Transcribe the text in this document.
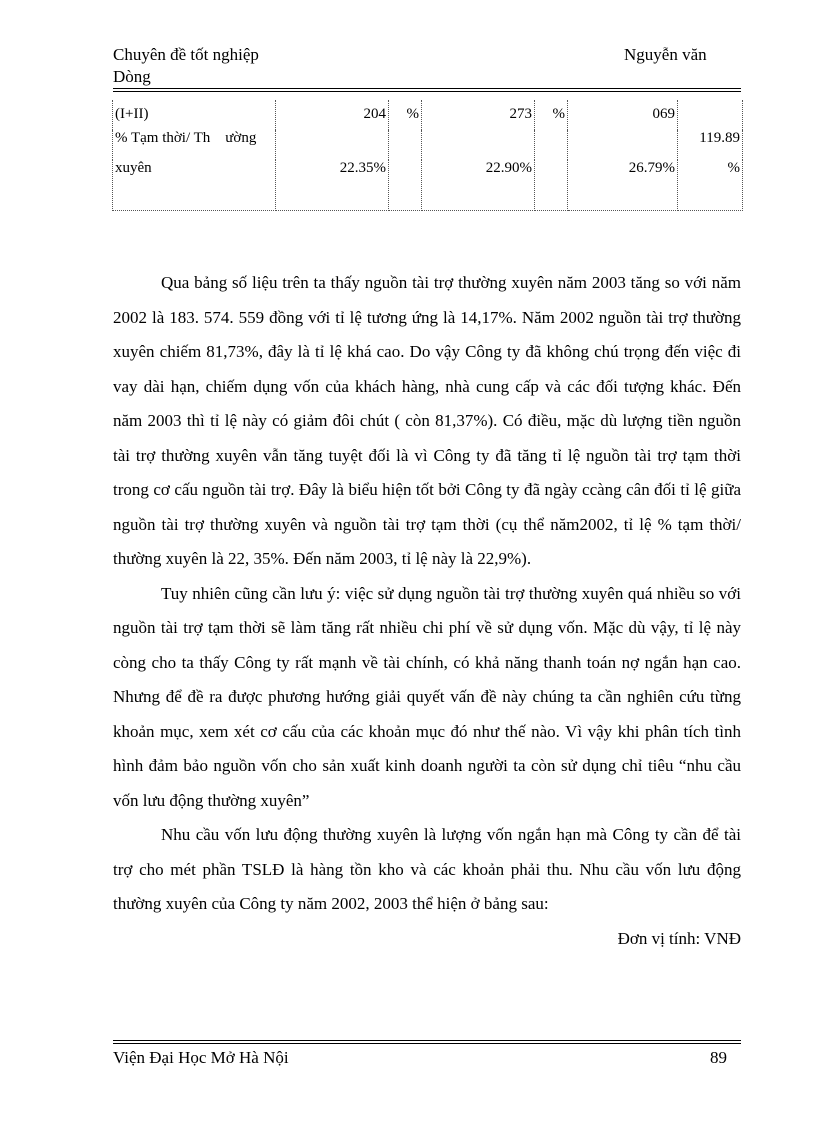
Chuyên đề tốt nghiệp
Dòng
Nguyễn văn
(I+II)	204	%	273	%	069	
% Tạm thời/ Th    ường						119.89
xuyên	22.35%		22.90%		26.79%	%

Qua bảng số liệu trên ta thấy nguồn tài trợ thường xuyên năm 2003 tăng so với năm 2002 là 183. 574. 559 đồng với tỉ lệ tương ứng là 14,17%. Năm 2002 nguồn tài trợ thường xuyên chiếm 81,73%, đây là tỉ lệ khá cao. Do vậy Công ty đã không chú trọng đến việc đi vay dài hạn, chiếm dụng vốn của khách hàng, nhà cung cấp và các đối tượng khác. Đến năm 2003 thì tỉ lệ này có giảm đôi chút ( còn 81,37%). Có điều, mặc dù lượng tiền nguồn tài trợ thường xuyên vẫn tăng tuyệt đối là vì Công ty đã tăng tỉ lệ nguồn tài trợ tạm thời trong cơ cấu nguồn tài trợ. Đây là biểu hiện tốt bởi Công ty đã ngày ccàng cân đối tỉ lệ giữa nguồn tài trợ thường xuyên và nguồn tài trợ tạm thời (cụ thể năm2002, tỉ lệ % tạm thời/ thường xuyên là 22, 35%. Đến năm 2003, tỉ lệ này là 22,9%).

Tuy nhiên cũng cần lưu ý: việc sử dụng nguồn tài trợ thường xuyên quá nhiều so với nguồn tài trợ tạm thời sẽ làm tăng rất nhiều chi phí về sử dụng vốn. Mặc dù vậy, tỉ lệ này còng cho ta thấy Công ty rất mạnh về tài chính, có khả năng thanh toán nợ ngắn hạn cao. Nhưng để đề ra được phương hướng giải quyết vấn đề này chúng ta cần nghiên cứu từng khoản mục, xem xét cơ cấu của các khoản mục đó như thế nào. Vì vậy khi phân tích tình hình đảm bảo nguồn vốn cho sản xuất kinh doanh người ta còn sử dụng chỉ tiêu “nhu cầu vốn lưu động thường xuyên”

Nhu cầu vốn lưu động thường xuyên là lượng vốn ngắn hạn mà Công ty cần để tài trợ cho mét phần TSLĐ là hàng tồn kho và các khoản phải thu. Nhu cầu vốn lưu động thường xuyên của Công ty năm 2002, 2003 thể hiện ở bảng sau:

Đơn vị tính: VNĐ
Viện Đại Học Mở Hà Nội	89
